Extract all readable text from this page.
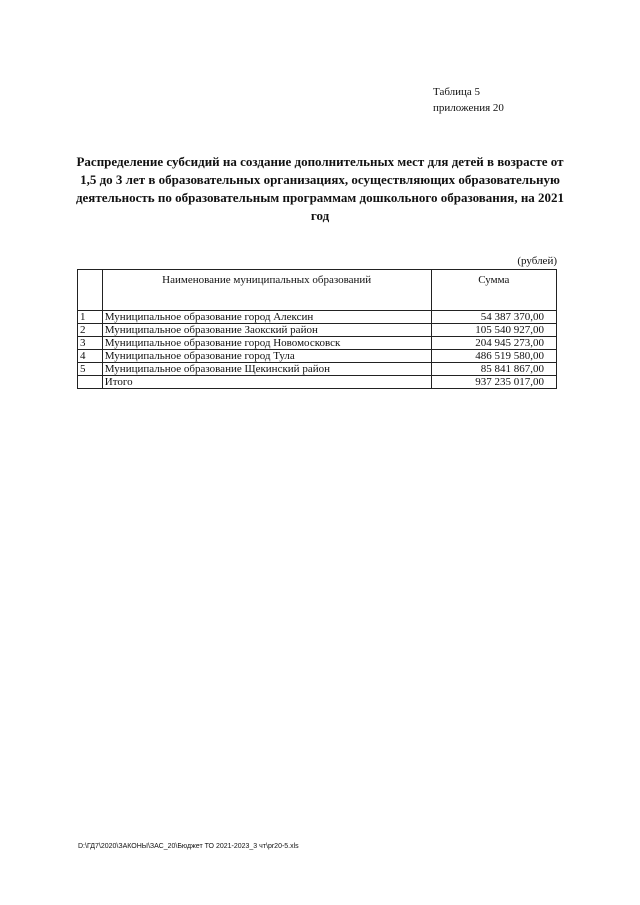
Таблица 5
приложения 20
Распределение субсидий на создание дополнительных мест для детей в возрасте от 1,5 до 3 лет в образовательных организациях, осуществляющих образовательную деятельность по образовательным программам дошкольного образования, на 2021 год
(рублей)
	Наименование муниципальных образований	Сумма
1	Муниципальное образование город Алексин	54 387 370,00
2	Муниципальное образование Заокский район	105 540 927,00
3	Муниципальное образование город Новомосковск	204 945 273,00
4	Муниципальное образование город Тула	486 519 580,00
5	Муниципальное образование Щекинский район	85 841 867,00
	Итого	937 235 017,00
D:\ГД7\2020\ЗАКОНЫ\ЗАС_20\Бюджет ТО 2021-2023_3 чт\pr20-5.xls
